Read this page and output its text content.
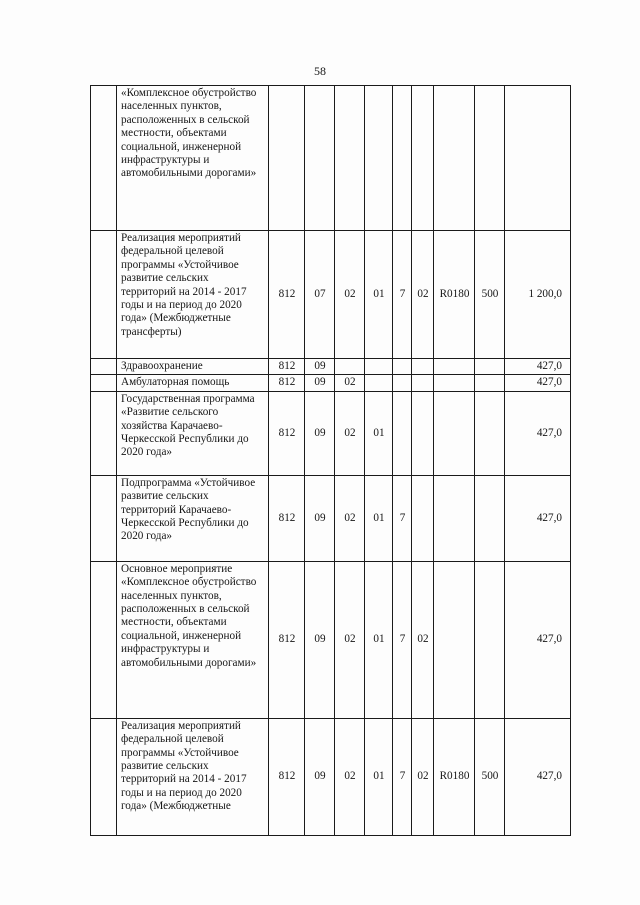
58
	«Комплексное обустройство населенных пунктов, расположенных в сельской местности, объектами социальной, инженерной инфраструктуры и автомобильными дорогами»									
	Реализация мероприятий федеральной целевой программы «Устойчивое развитие сельских территорий на 2014 - 2017 годы и на период до 2020 года» (Межбюджетные трансферты)	812	07	02	01	7	02	R0180	500	1 200,0
	Здравоохранение	812	09							427,0
	Амбулаторная помощь	812	09	02						427,0
	Государственная программа «Развитие сельского хозяйства Карачаево-Черкесской Республики до 2020 года»	812	09	02	01					427,0
	Подпрограмма «Устойчивое развитие сельских территорий Карачаево-Черкесской Республики до 2020 года»	812	09	02	01	7				427,0
	Основное мероприятие «Комплексное обустройство населенных пунктов, расположенных в сельской местности, объектами социальной, инженерной инфраструктуры и автомобильными дорогами»	812	09	02	01	7	02			427,0
	Реализация мероприятий федеральной целевой программы «Устойчивое развитие сельских территорий на 2014 - 2017 годы и на период до 2020 года» (Межбюджетные	812	09	02	01	7	02	R0180	500	427,0
